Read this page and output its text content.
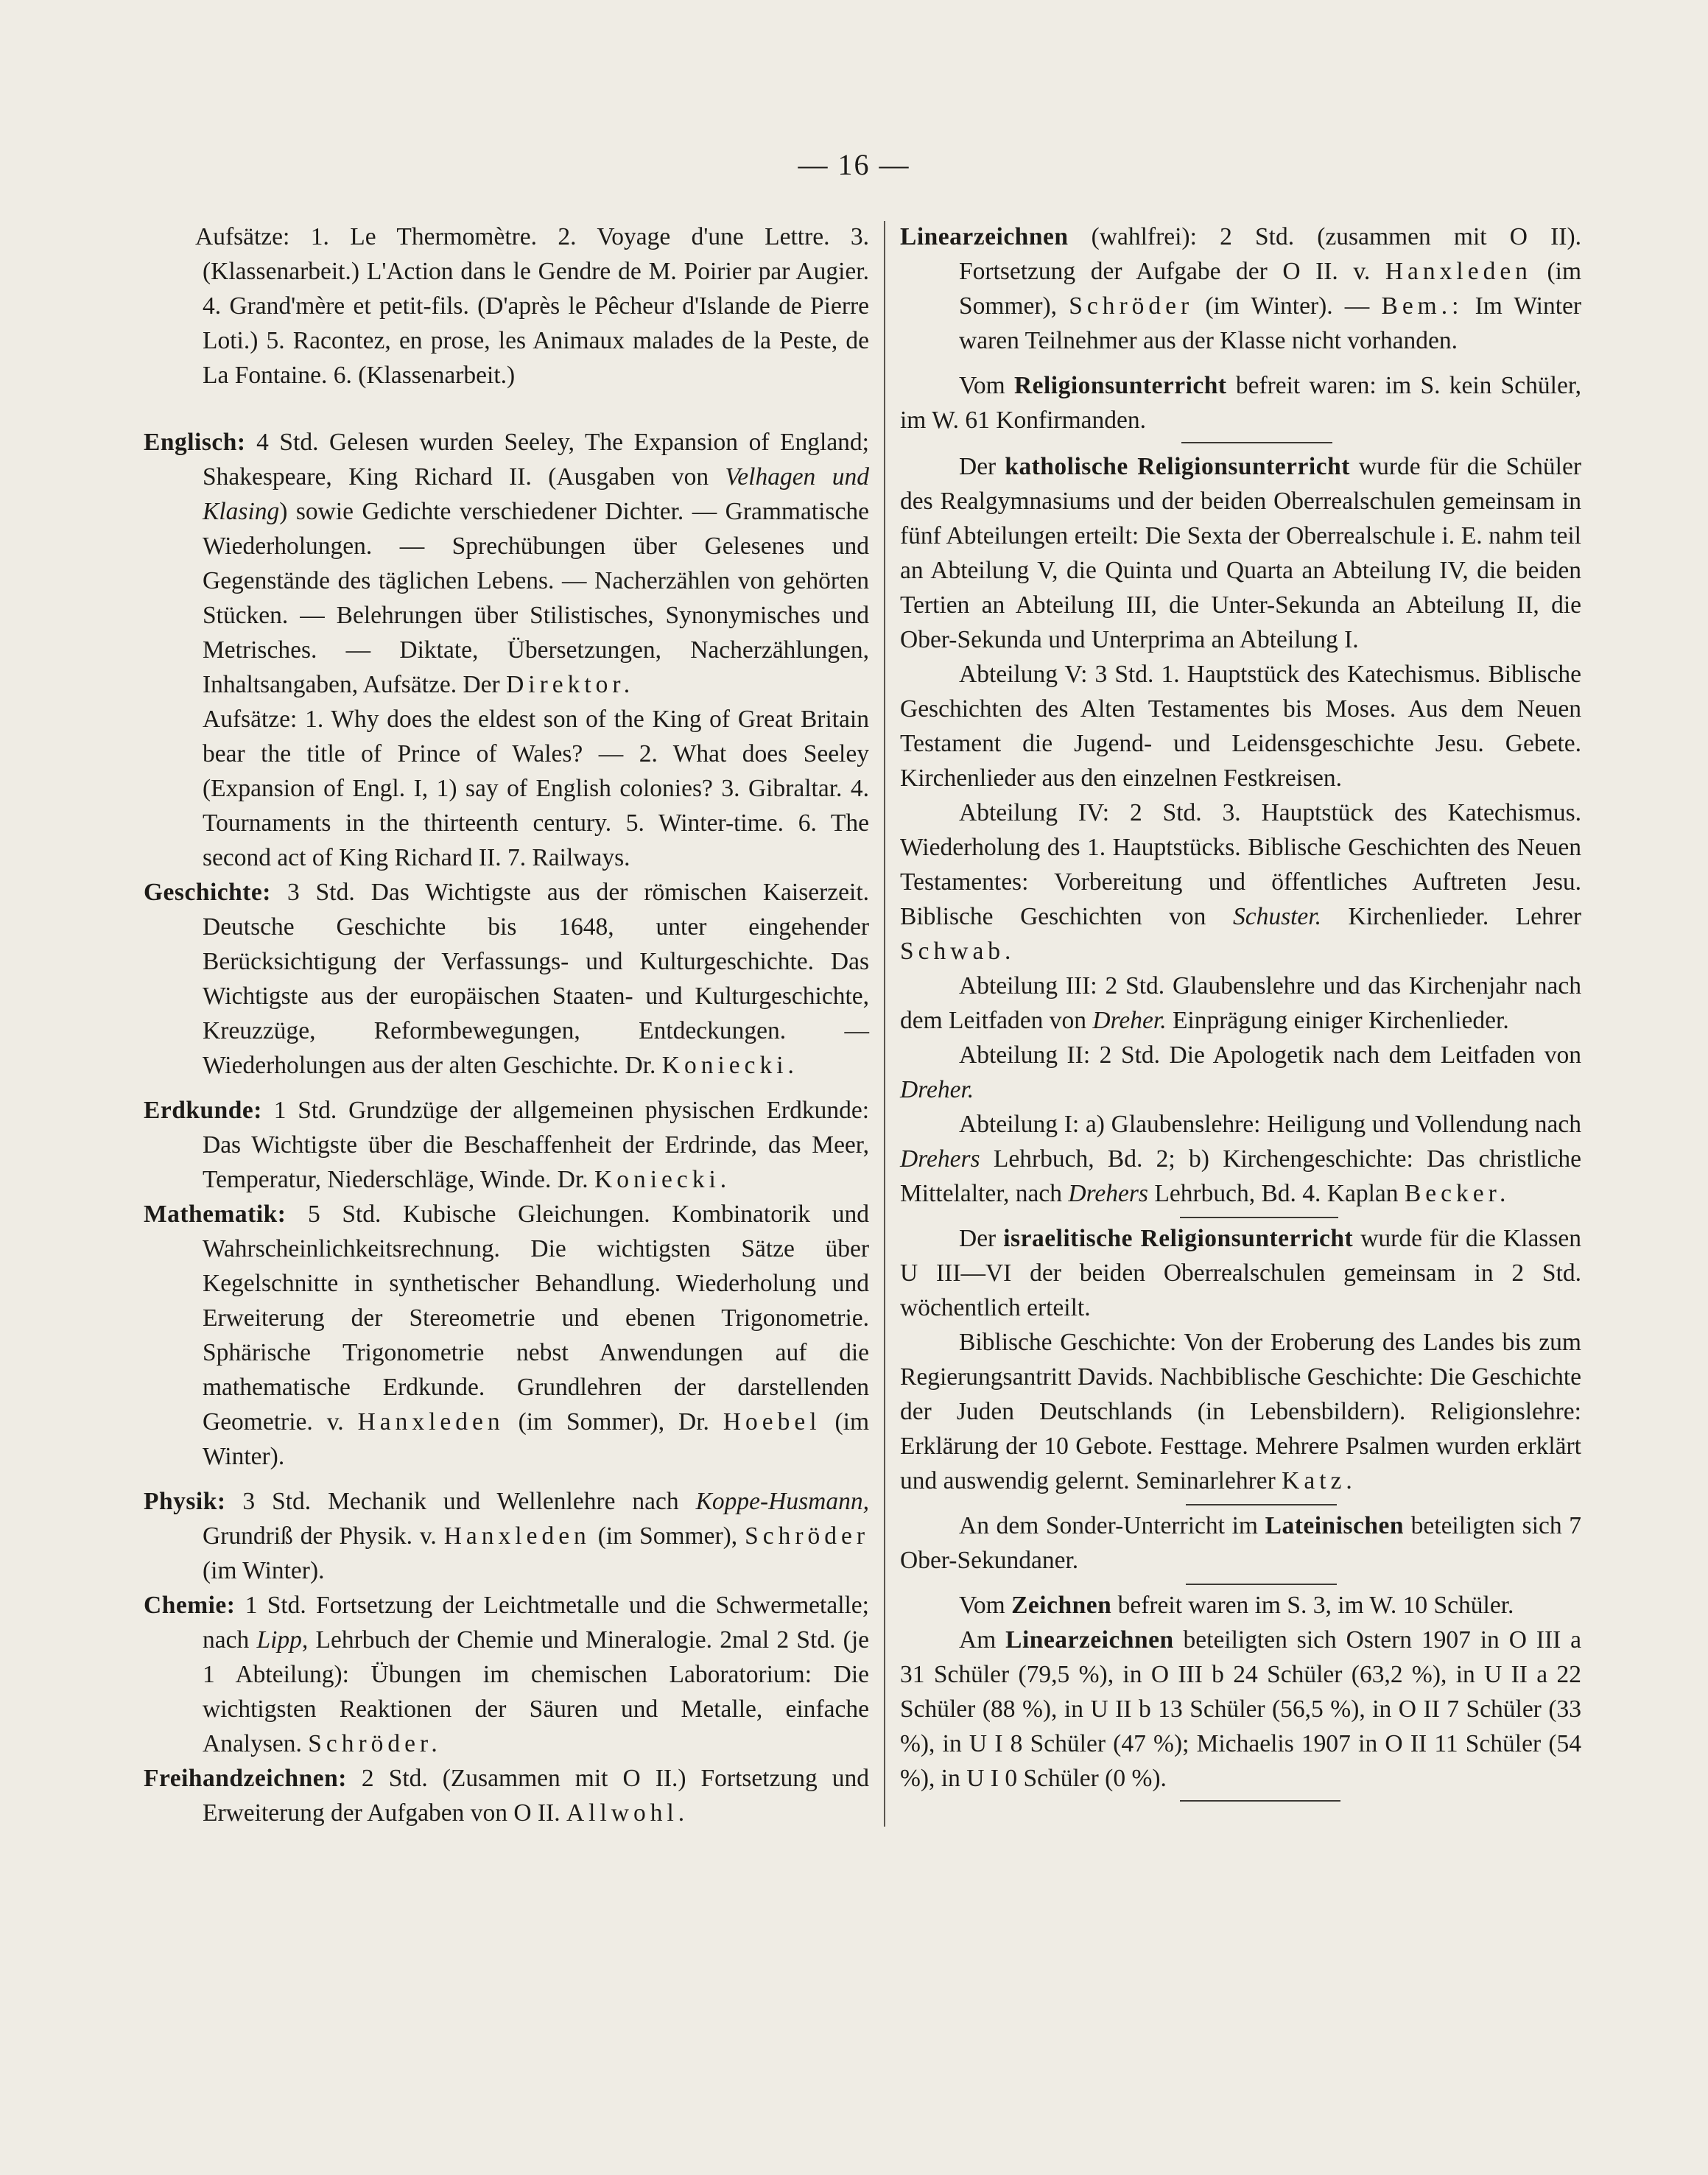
— 16 —

Aufsätze: 1. Le Thermomètre. 2. Voyage d'une Lettre. 3. (Klassenarbeit.) L'Action dans le Gendre de M. Poirier par Augier. 4. Grand'mère et petit-fils. (D'après le Pêcheur d'Islande de Pierre Loti.) 5. Racontez, en prose, les Animaux malades de la Peste, de La Fontaine. 6. (Klassenarbeit.)

Englisch: 4 Std. Gelesen wurden Seeley, The Expansion of England; Shakespeare, King Richard II. (Ausgaben von Velhagen und Klasing) sowie Gedichte verschiedener Dichter. — Grammatische Wiederholungen. — Sprechübungen über Gelesenes und Gegenstände des täglichen Lebens. — Nacherzählen von gehörten Stücken. — Belehrungen über Stilistisches, Synonymisches und Metrisches. — Diktate, Übersetzungen, Nacherzählungen, Inhaltsangaben, Aufsätze. Der Direktor.

Aufsätze: 1. Why does the eldest son of the King of Great Britain bear the title of Prince of Wales? — 2. What does Seeley (Expansion of Engl. I, 1) say of English colonies? 3. Gibraltar. 4. Tournaments in the thirteenth century. 5. Winter-time. 6. The second act of King Richard II. 7. Railways.

Geschichte: 3 Std. Das Wichtigste aus der römischen Kaiserzeit. Deutsche Geschichte bis 1648, unter eingehender Berücksichtigung der Verfassungs- und Kulturgeschichte. Das Wichtigste aus der europäischen Staaten- und Kulturgeschichte, Kreuzzüge, Reformbewegungen, Entdeckungen. — Wiederholungen aus der alten Geschichte. Dr. Koniecki.

Erdkunde: 1 Std. Grundzüge der allgemeinen physischen Erdkunde: Das Wichtigste über die Beschaffenheit der Erdrinde, das Meer, Temperatur, Niederschläge, Winde. Dr. Koniecki.

Mathematik: 5 Std. Kubische Gleichungen. Kombinatorik und Wahrscheinlichkeitsrechnung. Die wichtigsten Sätze über Kegelschnitte in synthetischer Behandlung. Wiederholung und Erweiterung der Stereometrie und ebenen Trigonometrie. Sphärische Trigonometrie nebst Anwendungen auf die mathematische Erdkunde. Grundlehren der darstellenden Geometrie. v. Hanxleden (im Sommer), Dr. Hoebel (im Winter).

Physik: 3 Std. Mechanik und Wellenlehre nach Koppe-Husmann, Grundriß der Physik. v. Hanxleden (im Sommer), Schröder (im Winter).

Chemie: 1 Std. Fortsetzung der Leichtmetalle und die Schwermetalle; nach Lipp, Lehrbuch der Chemie und Mineralogie. 2mal 2 Std. (je 1 Abteilung): Übungen im chemischen Laboratorium: Die wichtigsten Reaktionen der Säuren und Metalle, einfache Analysen. Schröder.

Freihandzeichnen: 2 Std. (Zusammen mit O II.) Fortsetzung und Erweiterung der Aufgaben von O II. Allwohl.

Linearzeichnen (wahlfrei): 2 Std. (zusammen mit O II). Fortsetzung der Aufgabe der O II. v. Hanxleden (im Sommer), Schröder (im Winter). — Bem.: Im Winter waren Teilnehmer aus der Klasse nicht vorhanden.

Vom Religionsunterricht befreit waren: im S. kein Schüler, im W. 61 Konfirmanden.

Der katholische Religionsunterricht wurde für die Schüler des Realgymnasiums und der beiden Oberrealschulen gemeinsam in fünf Abteilungen erteilt: Die Sexta der Oberrealschule i. E. nahm teil an Abteilung V, die Quinta und Quarta an Abteilung IV, die beiden Tertien an Abteilung III, die Unter-Sekunda an Abteilung II, die Ober-Sekunda und Unterprima an Abteilung I.

Abteilung V: 3 Std. 1. Hauptstück des Katechismus. Biblische Geschichten des Alten Testamentes bis Moses. Aus dem Neuen Testament die Jugend- und Leidensgeschichte Jesu. Gebete. Kirchenlieder aus den einzelnen Festkreisen.

Abteilung IV: 2 Std. 3. Hauptstück des Katechismus. Wiederholung des 1. Hauptstücks. Biblische Geschichten des Neuen Testamentes: Vorbereitung und öffentliches Auftreten Jesu. Biblische Geschichten von Schuster. Kirchenlieder. Lehrer Schwab.

Abteilung III: 2 Std. Glaubenslehre und das Kirchenjahr nach dem Leitfaden von Dreher. Einprägung einiger Kirchenlieder.

Abteilung II: 2 Std. Die Apologetik nach dem Leitfaden von Dreher.

Abteilung I: a) Glaubenslehre: Heiligung und Vollendung nach Drehers Lehrbuch, Bd. 2; b) Kirchengeschichte: Das christliche Mittelalter, nach Drehers Lehrbuch, Bd. 4. Kaplan Becker.

Der israelitische Religionsunterricht wurde für die Klassen U III—VI der beiden Oberrealschulen gemeinsam in 2 Std. wöchentlich erteilt.

Biblische Geschichte: Von der Eroberung des Landes bis zum Regierungsantritt Davids. Nachbiblische Geschichte: Die Geschichte der Juden Deutschlands (in Lebensbildern). Religionslehre: Erklärung der 10 Gebote. Festtage. Mehrere Psalmen wurden erklärt und auswendig gelernt. Seminarlehrer Katz.

An dem Sonder-Unterricht im Lateinischen beteiligten sich 7 Ober-Sekundaner.

Vom Zeichnen befreit waren im S. 3, im W. 10 Schüler.

Am Linearzeichnen beteiligten sich Ostern 1907 in O III a 31 Schüler (79,5 %), in O III b 24 Schüler (63,2 %), in U II a 22 Schüler (88 %), in U II b 13 Schüler (56,5 %), in O II 7 Schüler (33 %), in U I 8 Schüler (47 %); Michaelis 1907 in O II 11 Schüler (54 %), in U I 0 Schüler (0 %).
